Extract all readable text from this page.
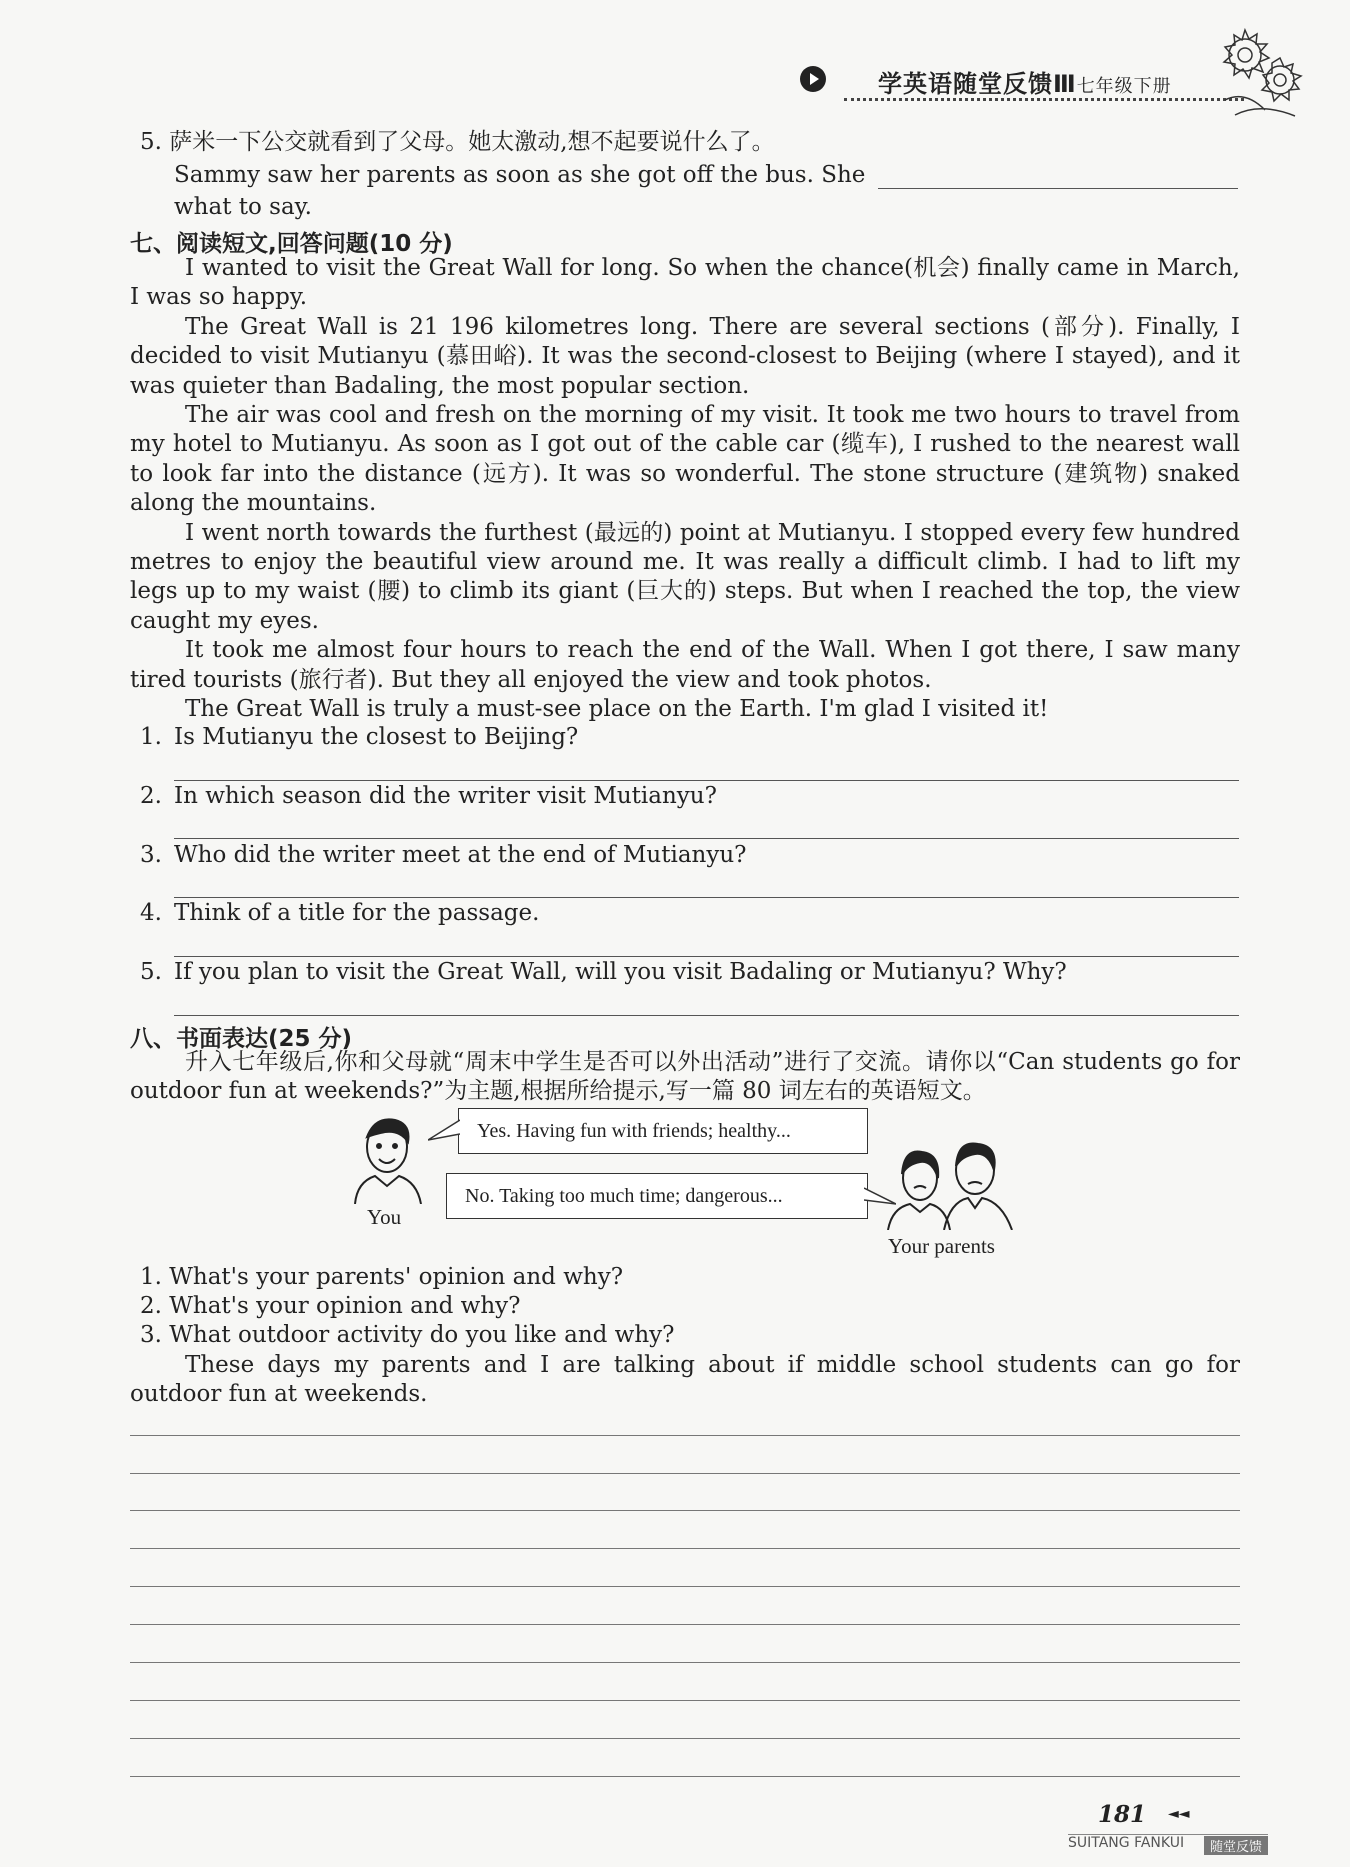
学英语随堂反馈Ⅲ七年级下册
5. 萨米一下公交就看到了父母。她太激动,想不起要说什么了。
Sammy saw her parents as soon as she got off the bus. She
what to say.
七、阅读短文,回答问题(10 分)

I wanted to visit the Great Wall for long. So when the chance(机会) finally came in March, I was so happy.

The Great Wall is 21 196 kilometres long. There are several sections (部分). Finally, I decided to visit Mutianyu (慕田峪). It was the second-closest to Beijing (where I stayed), and it was quieter than Badaling, the most popular section.

The air was cool and fresh on the morning of my visit. It took me two hours to travel from my hotel to Mutianyu. As soon as I got out of the cable car (缆车), I rushed to the nearest wall to look far into the distance (远方). It was so wonderful. The stone structure (建筑物) snaked along the mountains.

I went north towards the furthest (最远的) point at Mutianyu. I stopped every few hundred metres to enjoy the beautiful view around me. It was really a difficult climb. I had to lift my legs up to my waist (腰) to climb its giant (巨大的) steps. But when I reached the top, the view caught my eyes.

It took me almost four hours to reach the end of the Wall. When I got there, I saw many tired tourists (旅行者). But they all enjoyed the view and took photos.

The Great Wall is truly a must-see place on the Earth. I'm glad I visited it!

1. Is Mutianyu the closest to Beijing?
2. In which season did the writer visit Mutianyu?
3. Who did the writer meet at the end of Mutianyu?
4. Think of a title for the passage.
5. If you plan to visit the Great Wall, will you visit Badaling or Mutianyu? Why?
八、书面表达(25 分)

升入七年级后,你和父母就“周末中学生是否可以外出活动”进行了交流。请你以“Can students go for outdoor fun at weekends?”为主题,根据所给提示,写一篇 80 词左右的英语短文。

You
Yes. Having fun with friends; healthy...
No. Taking too much time; dangerous...
Your parents
1. What's your parents' opinion and why?
2. What's your opinion and why?
3. What outdoor activity do you like and why?

These days my parents and I are talking about if middle school students can go for outdoor fun at weekends.

181 ◄◄
SUITANG FANKUI	随堂反馈
